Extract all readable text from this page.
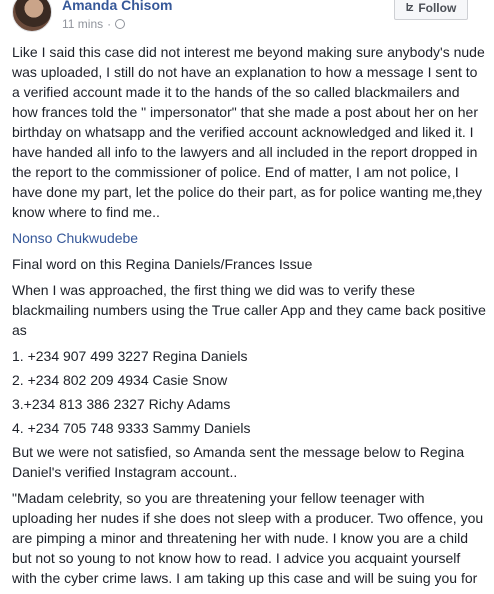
Amanda Chisom
11 mins ·
ʫ Follow

Like I said this case did not interest me beyond making sure anybody's nude was uploaded, I still do not have an explanation to how a message I sent to a verified account made it to the hands of the so called blackmailers and how frances told the " impersonator" that she made a post about her on her birthday on whatsapp and the verified account acknowledged and liked it. I have handed all info to the lawyers and all included in the report dropped in the report to the commissioner of police. End of matter, I am not police, I have done my part, let the police do their part, as for police wanting me,they know where to find me..

Nonso Chukwudebe

Final word on this Regina Daniels/Frances Issue

When I was approached, the first thing we did was to verify these blackmailing numbers using the True caller App and they came back positive as

1. +234 907 499 3227 Regina Daniels

2. +234 802 209 4934 Casie Snow

3.+234 813 386 2327 Richy Adams

4. +234 705 748 9333 Sammy Daniels

But we were not satisfied, so Amanda sent the message below to Regina Daniel's verified Instagram account..

"Madam celebrity, so you are threatening your fellow teenager with uploading her nudes if she does not sleep with a producer. Two offence, you are pimping a minor and threatening her with nude. I know you are a child but not so young to not know how to read. I advice you acquaint yourself with the cyber crime laws. I am taking up this case and will be suing you for
